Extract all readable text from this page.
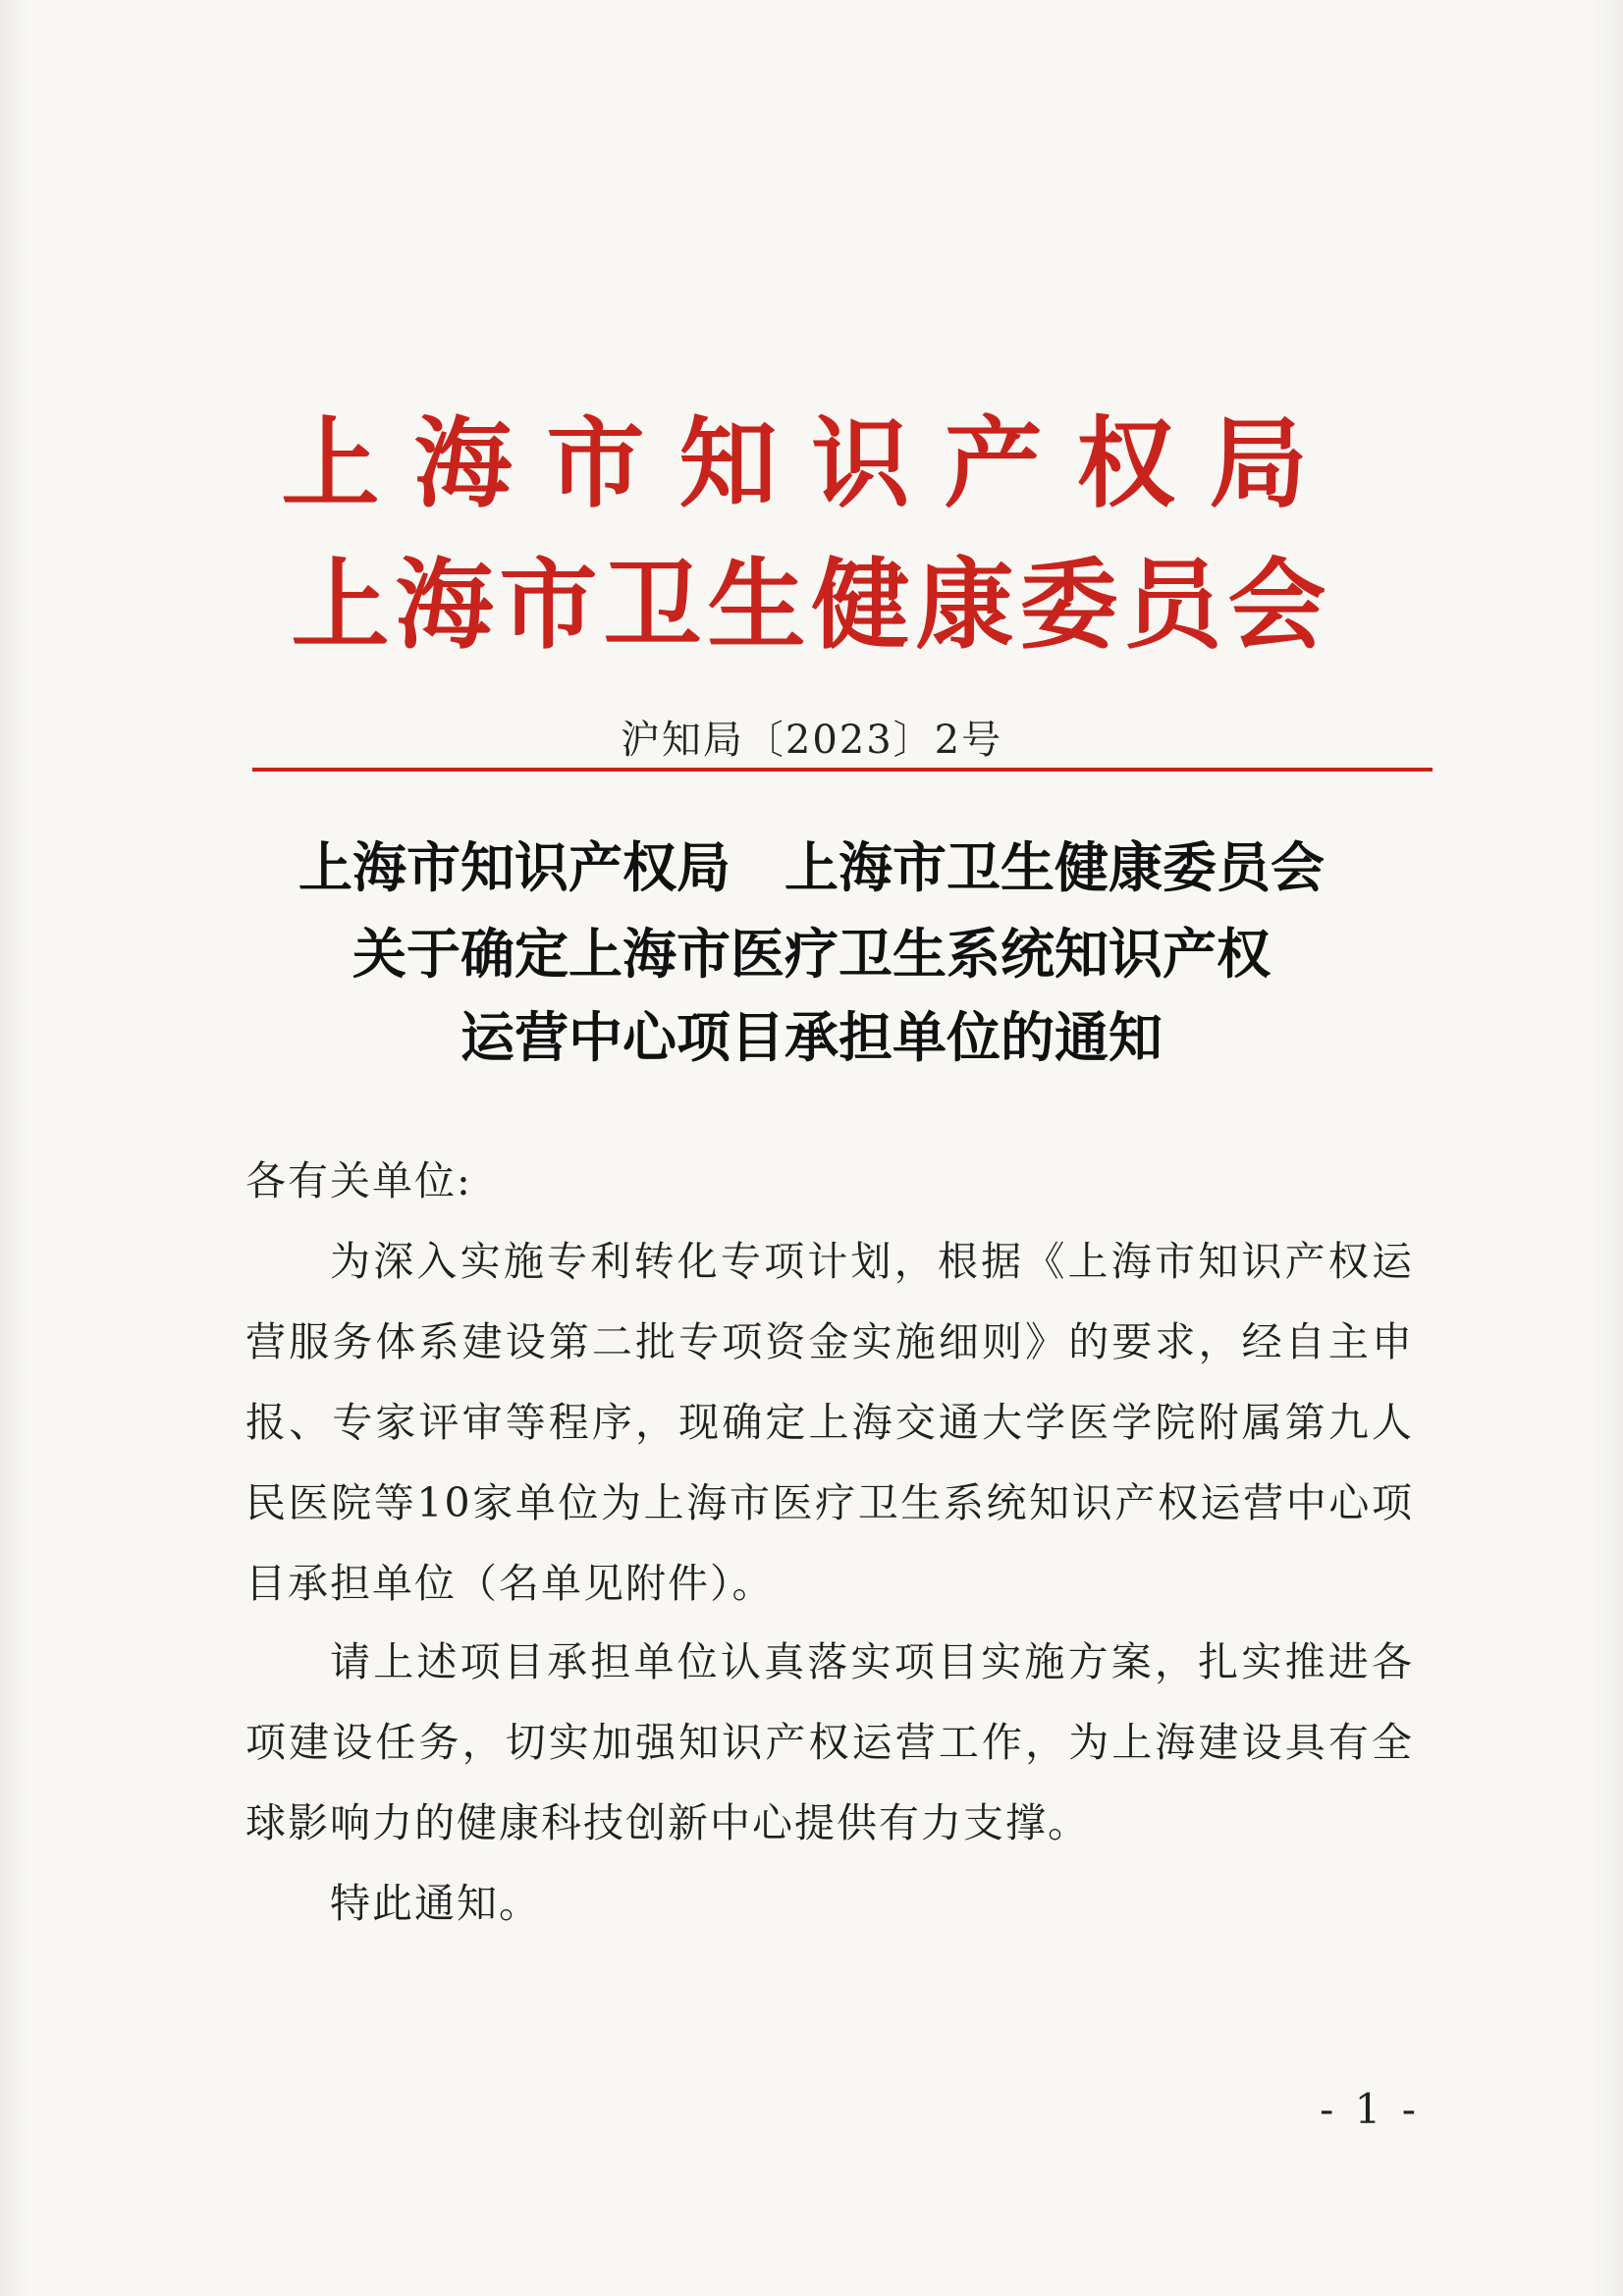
上海市知识产权局
上海市卫生健康委员会
沪知局〔2023〕2号
上海市知识产权局　上海市卫生健康委员会
关于确定上海市医疗卫生系统知识产权
运营中心项目承担单位的通知
各有关单位:
为深入实施专利转化专项计划，根据《上海市知识产权运营服务体系建设第二批专项资金实施细则》的要求，经自主申报、专家评审等程序，现确定上海交通大学医学院附属第九人民医院等10家单位为上海市医疗卫生系统知识产权运营中心项目承担单位（名单见附件）。
请上述项目承担单位认真落实项目实施方案，扎实推进各项建设任务，切实加强知识产权运营工作，为上海建设具有全球影响力的健康科技创新中心提供有力支撑。
特此通知。
- 1 -
